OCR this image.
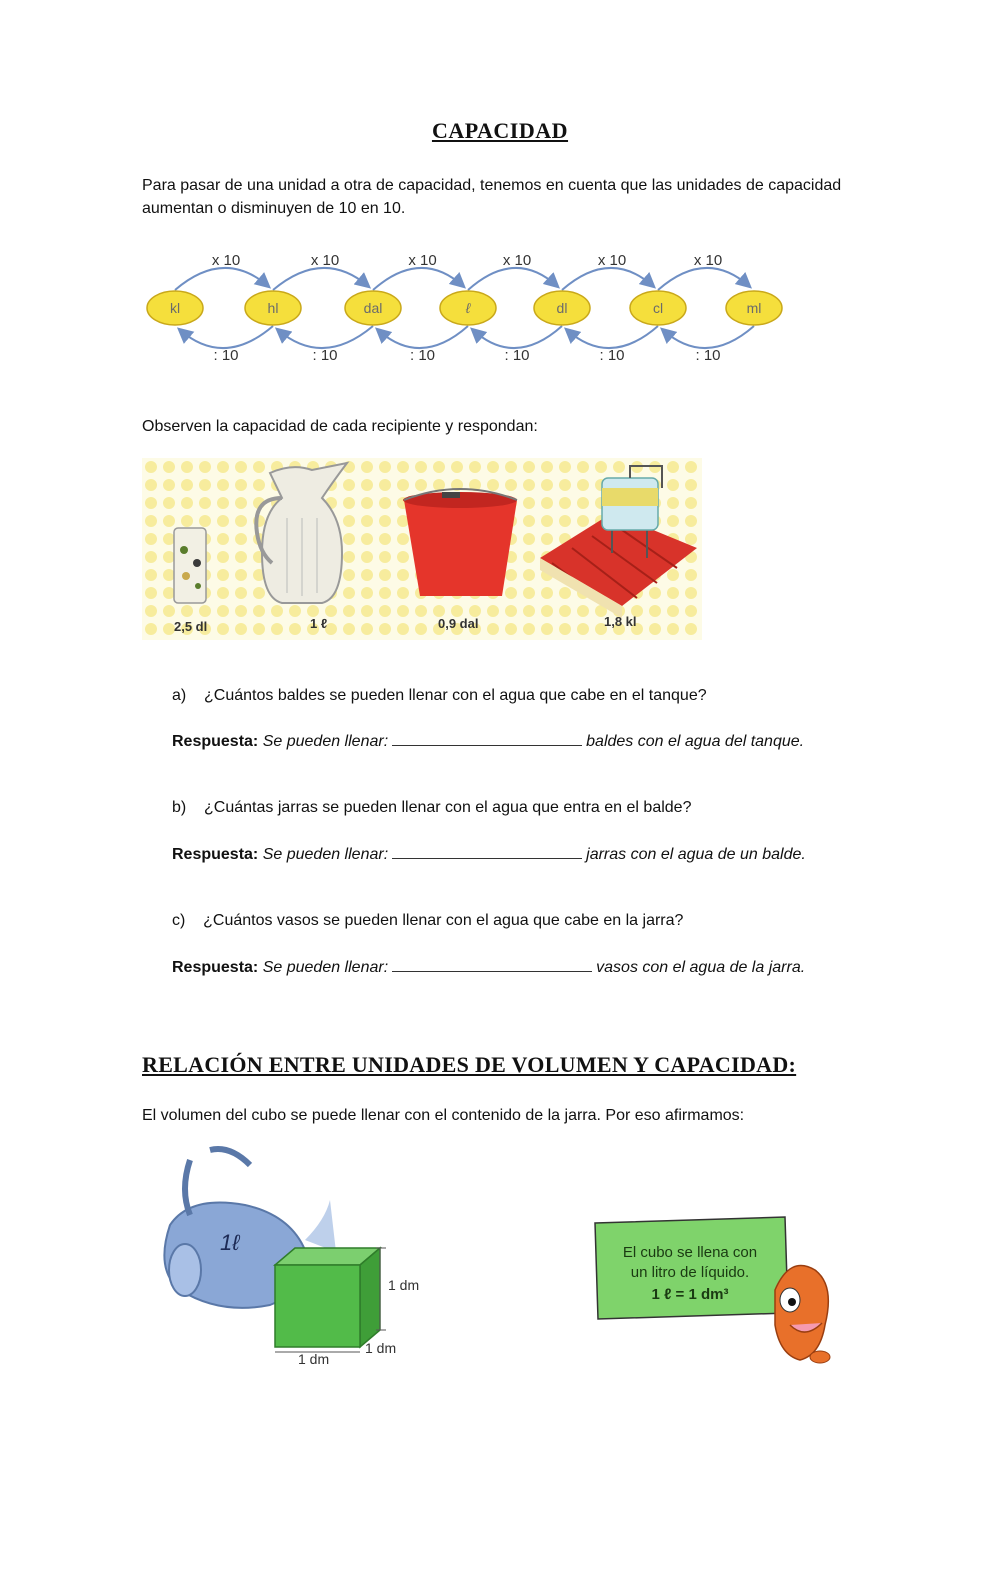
CAPACIDAD
Para pasar de una unidad a otra de capacidad, tenemos en cuenta que las unidades de capacidad aumentan o disminuyen de 10 en 10.
kl	hl	dal	ℓ	dl	cl	ml
x 10
: 10
x 10
: 10
x 10
: 10
x 10
: 10
x 10
: 10
x 10
: 10
Observen la capacidad de cada recipiente y respondan:
2,5 dl	1 ℓ	0,9 dal	1,8 kl
a) ¿Cuántos baldes se pueden llenar con el agua que cabe en el tanque?
Respuesta: Se pueden llenar:	baldes con el agua del tanque.
b) ¿Cuántas jarras se pueden llenar con el agua que entra en el balde?
Respuesta: Se pueden llenar:	jarras con el agua de un balde.
c) ¿Cuántos vasos se pueden llenar con el agua que cabe en la jarra?
Respuesta: Se pueden llenar:	vasos con el agua de la jarra.
RELACIÓN ENTRE UNIDADES DE VOLUMEN Y CAPACIDAD:
El volumen del cubo se puede llenar con el contenido de la jarra. Por eso afirmamos:
1ℓ
1 dm
1 dm
1 dm
El cubo se llena con
un litro de líquido.
1 ℓ = 1 dm³
